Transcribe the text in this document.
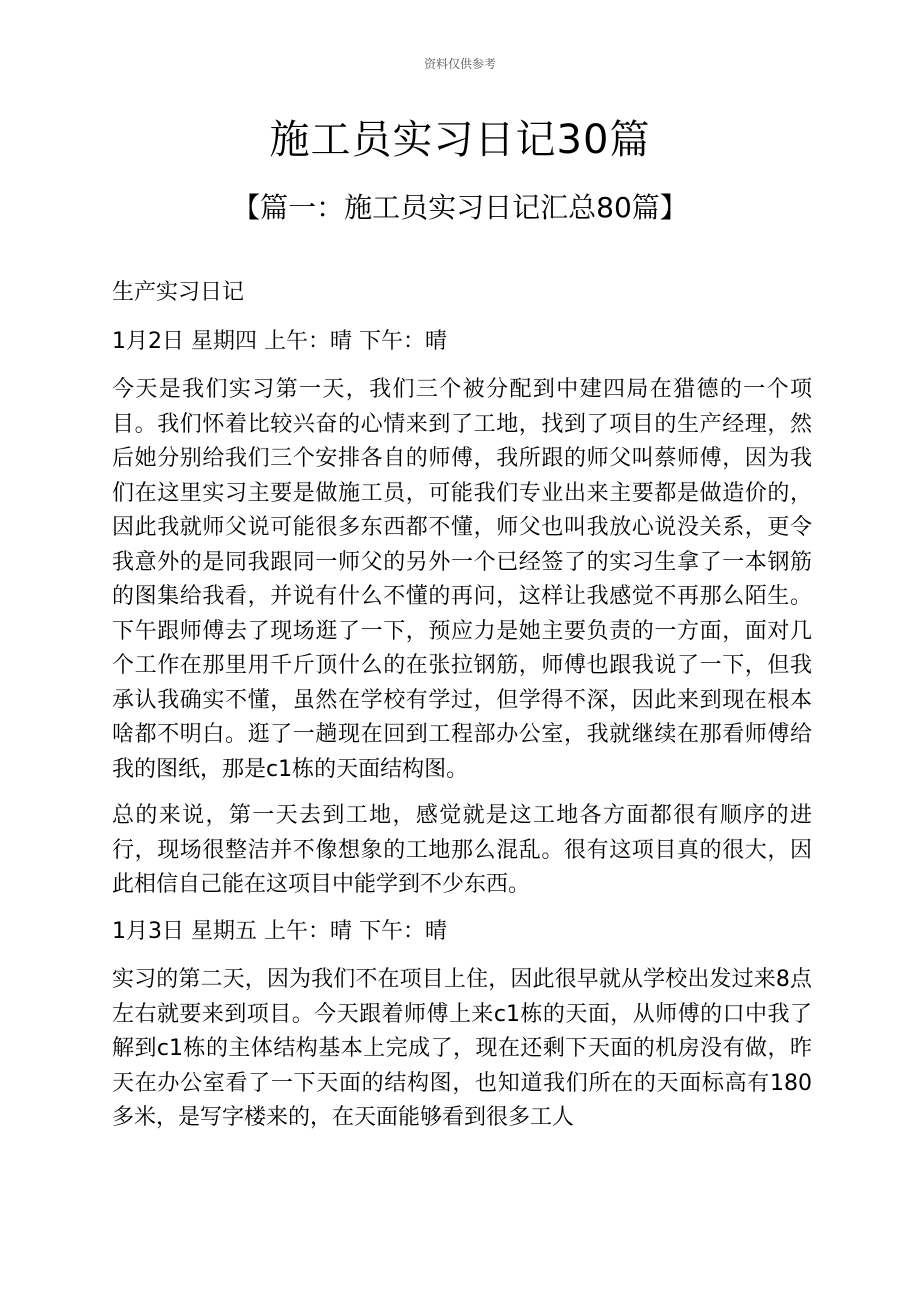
资料仅供参考
施工员实习日记30篇
【篇一：施工员实习日记汇总80篇】

生产实习日记

1月2日 星期四 上午：晴 下午：晴

今天是我们实习第一天，我们三个被分配到中建四局在猎德的一个项目。我们怀着比较兴奋的心情来到了工地，找到了项目的生产经理，然后她分别给我们三个安排各自的师傅，我所跟的师父叫蔡师傅，因为我们在这里实习主要是做施工员，可能我们专业出来主要都是做造价的，因此我就师父说可能很多东西都不懂，师父也叫我放心说没关系，更令我意外的是同我跟同一师父的另外一个已经签了的实习生拿了一本钢筋的图集给我看，并说有什么不懂的再问，这样让我感觉不再那么陌生。下午跟师傅去了现场逛了一下，预应力是她主要负责的一方面，面对几个工作在那里用千斤顶什么的在张拉钢筋，师傅也跟我说了一下，但我承认我确实不懂，虽然在学校有学过，但学得不深，因此来到现在根本啥都不明白。逛了一趟现在回到工程部办公室，我就继续在那看师傅给我的图纸，那是c1栋的天面结构图。

总的来说，第一天去到工地，感觉就是这工地各方面都很有顺序的进行，现场很整洁并不像想象的工地那么混乱。很有这项目真的很大，因此相信自己能在这项目中能学到不少东西。

1月3日 星期五 上午：晴 下午：晴

实习的第二天，因为我们不在项目上住，因此很早就从学校出发过来8点左右就要来到项目。今天跟着师傅上来c1栋的天面，从师傅的口中我了解到c1栋的主体结构基本上完成了，现在还剩下天面的机房没有做，昨天在办公室看了一下天面的结构图，也知道我们所在的天面标高有180多米，是写字楼来的，在天面能够看到很多工人
